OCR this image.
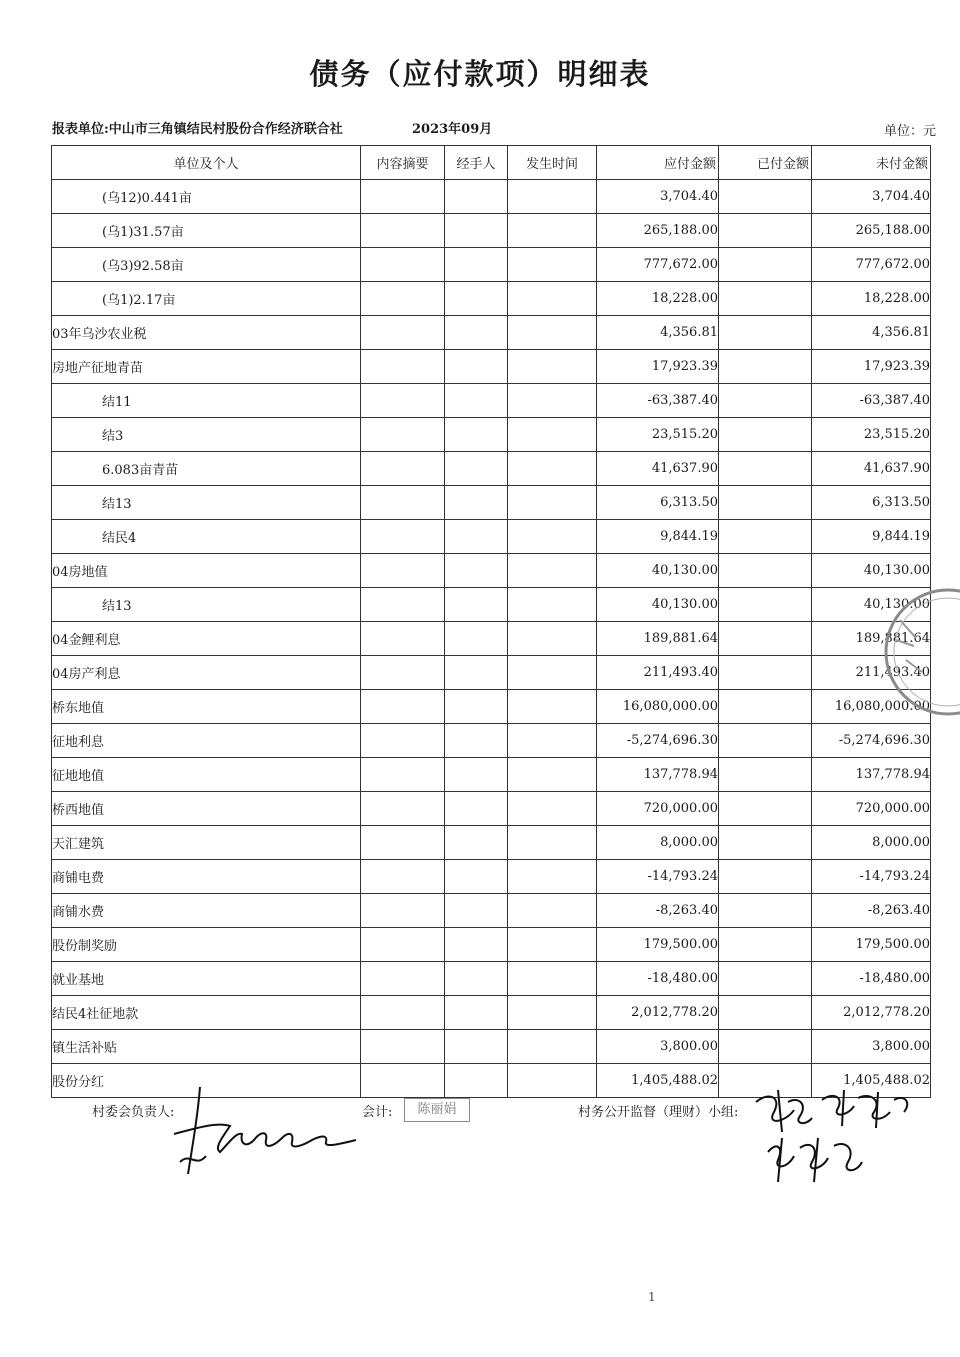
债务（应付款项）明细表
报表单位:中山市三角镇结民村股份合作经济联合社	2023年09月	单位：元
单位及个人	内容摘要	经手人	发生时间	应付金额	已付金额	未付金额
(乌12)0.441亩				3,704.40		3,704.40
(乌1)31.57亩				265,188.00		265,188.00
(乌3)92.58亩				777,672.00		777,672.00
(乌1)2.17亩				18,228.00		18,228.00
03年乌沙农业税				4,356.81		4,356.81
房地产征地青苗				17,923.39		17,923.39
结11				-63,387.40		-63,387.40
结3				23,515.20		23,515.20
6.083亩青苗				41,637.90		41,637.90
结13				6,313.50		6,313.50
结民4				9,844.19		9,844.19
04房地值				40,130.00		40,130.00
结13				40,130.00		40,130.00
04金鲤利息				189,881.64		189,881.64
04房产利息				211,493.40		211,493.40
桥东地值				16,080,000.00		16,080,000.00
征地利息				-5,274,696.30		-5,274,696.30
征地地值				137,778.94		137,778.94
桥西地值				720,000.00		720,000.00
天汇建筑				8,000.00		8,000.00
商铺电费				-14,793.24		-14,793.24
商铺水费				-8,263.40		-8,263.40
股份制奖励				179,500.00		179,500.00
就业基地				-18,480.00		-18,480.00
结民4社征地款				2,012,778.20		2,012,778.20
镇生活补贴				3,800.00		3,800.00
股份分红				1,405,488.02		1,405,488.02
村委会负责人:	会计:	陈丽娟	村务公开监督（理财）小组:
1
